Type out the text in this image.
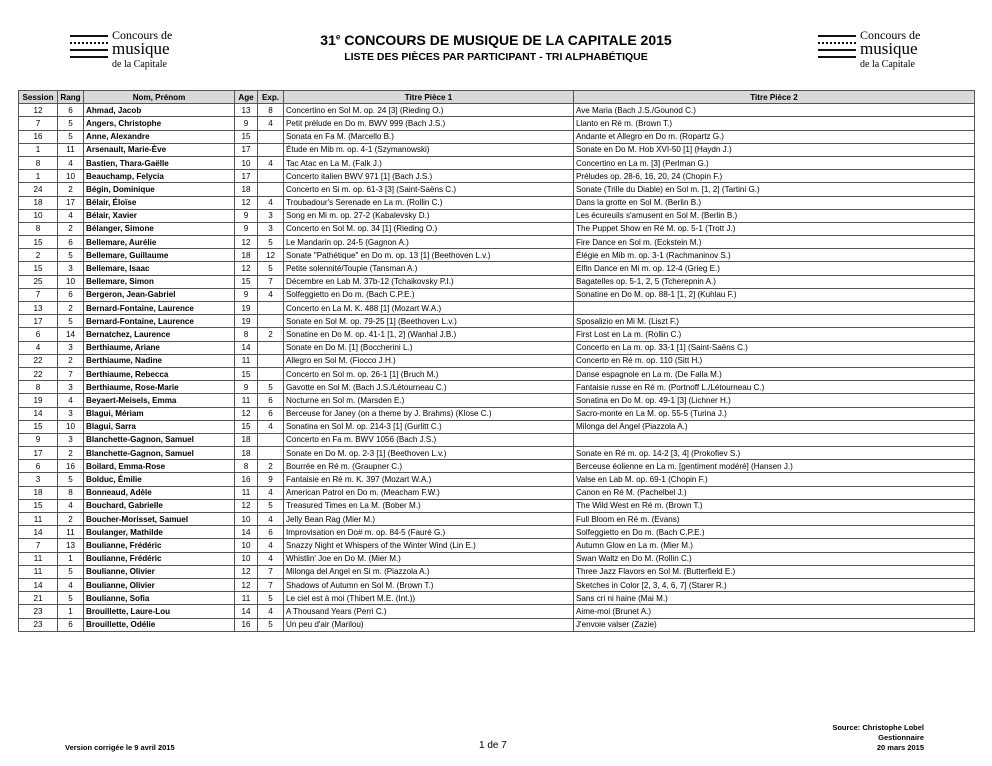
Concours de
musique
de la Capitale
Concours de
musique
de la Capitale
31e CONCOURS DE MUSIQUE DE LA CAPITALE 2015
LISTE DES PIÈCES PAR PARTICIPANT - TRI ALPHABÉTIQUE
Session	Rang	Nom, Prénom	Age	Exp.	Titre Pièce 1	Titre Pièce 2
12	6	Ahmad, Jacob	13	8	Concertino en Sol M. op. 24 [3] (Rieding O.)	Ave Maria (Bach J.S./Gounod C.)
7	5	Angers, Christophe	9	4	Petit prélude en Do m. BWV 999 (Bach J.S.)	Llanto en Ré m. (Brown T.)
16	5	Anne, Alexandre	15		Sonata en Fa M. (Marcello B.)	Andante et Allegro en Do m. (Ropartz G.)
1	11	Arsenault, Marie-Ève	17		Étude en Mib m. op. 4-1 (Szymanowski)	Sonate en Do M. Hob XVI-50 [1] (Haydn J.)
8	4	Bastien, Thara-Gaëlle	10	4	Tac Atac en La M. (Falk J.)	Concertino en La m. [3] (Perlman G.)
1	10	Beauchamp, Felycia	17		Concerto italien BWV 971 [1] (Bach J.S.)	Préludes op. 28-6, 16, 20, 24 (Chopin F.)
24	2	Bégin, Dominique	18		Concerto en Si m. op. 61-3 [3] (Saint-Saëns C.)	Sonate (Trille du Diable) en Sol m. [1, 2] (Tartini G.)
18	17	Bélair, Éloïse	12	4	Troubadour's Serenade en La m. (Rollin C.)	Dans la grotte en Sol M. (Berlin B.)
10	4	Bélair, Xavier	9	3	Song en Mi m. op. 27-2 (Kabalevsky D.)	Les écureuils s'amusent en Sol M. (Berlin B.)
8	2	Bélanger, Simone	9	3	Concerto en Sol M. op. 34 [1] (Rieding O.)	The Puppet Show en Ré M. op. 5-1 (Trott J.)
15	6	Bellemare, Aurélie	12	5	Le Mandarin op. 24-5 (Gagnon A.)	Fire Dance en Sol m. (Eckstein M.)
2	5	Bellemare, Guillaume	18	12	Sonate "Pathétique" en Do m. op. 13 [1] (Beethoven L.v.)	Élégie en Mib m. op. 3-1 (Rachmaninov S.)
15	3	Bellemare, Isaac	12	5	Petite solennité/Toupie (Tansman A.)	Elfin Dance en Mi m. op. 12-4 (Grieg E.)
25	10	Bellemare, Simon	15	7	Décembre en Lab M. 37b-12 (Tchaikovsky P.I.)	Bagatelles op. 5-1, 2, 5 (Tcherepnin A.)
7	6	Bergeron, Jean-Gabriel	9	4	Solfeggietto en Do m. (Bach C.P.E.)	Sonatine en Do M. op. 88-1 [1, 2] (Kuhlau F.)
13	2	Bernard-Fontaine, Laurence	19		Concerto en La M. K. 488 [1] (Mozart W.A.)	
17	5	Bernard-Fontaine, Laurence	19		Sonate en Sol M. op. 79-25 [1] (Beethoven L.v.)	Sposalizio en Mi M. (Liszt F.)
6	14	Bernatchez, Laurence	8	2	Sonatine en Do M. op. 41-1 [1, 2] (Wanhal J.B.)	First Lost en La m. (Rollin C.)
4	3	Berthiaume, Ariane	14		Sonate en Do M. [1] (Boccherini L.)	Concerto en La m. op. 33-1 [1] (Saint-Saëns C.)
22	2	Berthiaume, Nadine	11		Allegro en Sol M. (Fiocco J.H.)	Concerto en Ré m. op. 110 (Sitt H.)
22	7	Berthiaume, Rebecca	15		Concerto en Sol m. op. 26-1 [1] (Bruch M.)	Danse espagnole en La m. (De Falla M.)
8	3	Berthiaume, Rose-Marie	9	5	Gavotte en Sol M. (Bach J.S./Létourneau C.)	Fantaisie russe en Ré m. (Portnoff L./Létourneau C.)
19	4	Beyaert-Meisels, Emma	11	6	Nocturne en Sol m. (Marsden E.)	Sonatina en Do M. op. 49-1 [3] (Lichner H.)
14	3	Blagui, Mériam	12	6	Berceuse for Janey (on a theme by J. Brahms) (Klose C.)	Sacro-monte en La M. op. 55-5 (Turina J.)
15	10	Blagui, Sarra	15	4	Sonatina en Sol M. op. 214-3 [1] (Gurlitt C.)	Milonga del Angel (Piazzola A.)
9	3	Blanchette-Gagnon, Samuel	18		Concerto en Fa m. BWV 1056 (Bach J.S.)	
17	2	Blanchette-Gagnon, Samuel	18		Sonate en Do M. op. 2-3 [1] (Beethoven L.v.)	Sonate en Ré m. op. 14-2 [3, 4] (Prokofiev S.)
6	16	Boilard, Emma-Rose	8	2	Bourrée en Ré m. (Graupner C.)	Berceuse éolienne en La m. [gentiment modéré] (Hansen J.)
3	5	Bolduc, Émilie	16	9	Fantaisie en Ré m. K. 397 (Mozart W.A.)	Valse en Lab M. op. 69-1 (Chopin F.)
18	8	Bonneaud, Adèle	11	4	American Patrol en Do m. (Meacham F.W.)	Canon en Ré M. (Pachelbel J.)
15	4	Bouchard, Gabrielle	12	5	Treasured Times en La M. (Bober M.)	The Wild West en Ré m. (Brown T.)
11	2	Boucher-Morisset, Samuel	10	4	Jelly Bean Rag (Mier M.)	Full Bloom en Ré m. (Evans)
14	11	Boulanger, Mathilde	14	6	Improvisation en Do# m. op. 84-5 (Fauré G.)	Solfeggietto en Do m. (Bach C.P.E.)
7	13	Boulianne, Frédéric	10	4	Snazzy Night et Whispers of the Winter Wind (Lin E.)	Autumn Glow en La m. (Mier M.)
11	1	Boulianne, Frédéric	10	4	Whistlin' Joe en Do M. (Mier M.)	Swan Waltz en Do M. (Rollin C.)
11	5	Boulianne, Olivier	12	7	Milonga del Angel en Si m. (Piazzola A.)	Three Jazz Flavors en Sol M. (Butterfield E.)
14	4	Boulianne, Olivier	12	7	Shadows of Autumn en Sol M. (Brown T.)	Sketches in Color [2, 3, 4, 6, 7] (Starer R.)
21	5	Boulianne, Sofia	11	5	Le ciel est à moi (Thibert M.E. (Int.))	Sans cri ni haine (Mai M.)
23	1	Brouillette, Laure-Lou	14	4	A Thousand Years (Perri C.)	Aime-moi (Brunet A.)
23	6	Brouillette, Odélie	16	5	Un peu d'air (Marilou)	J'envoie valser (Zazie)
Version corrigée le 9 avril 2015	1 de 7
Source: Christophe Lobel
Gestionnaire
20 mars 2015
